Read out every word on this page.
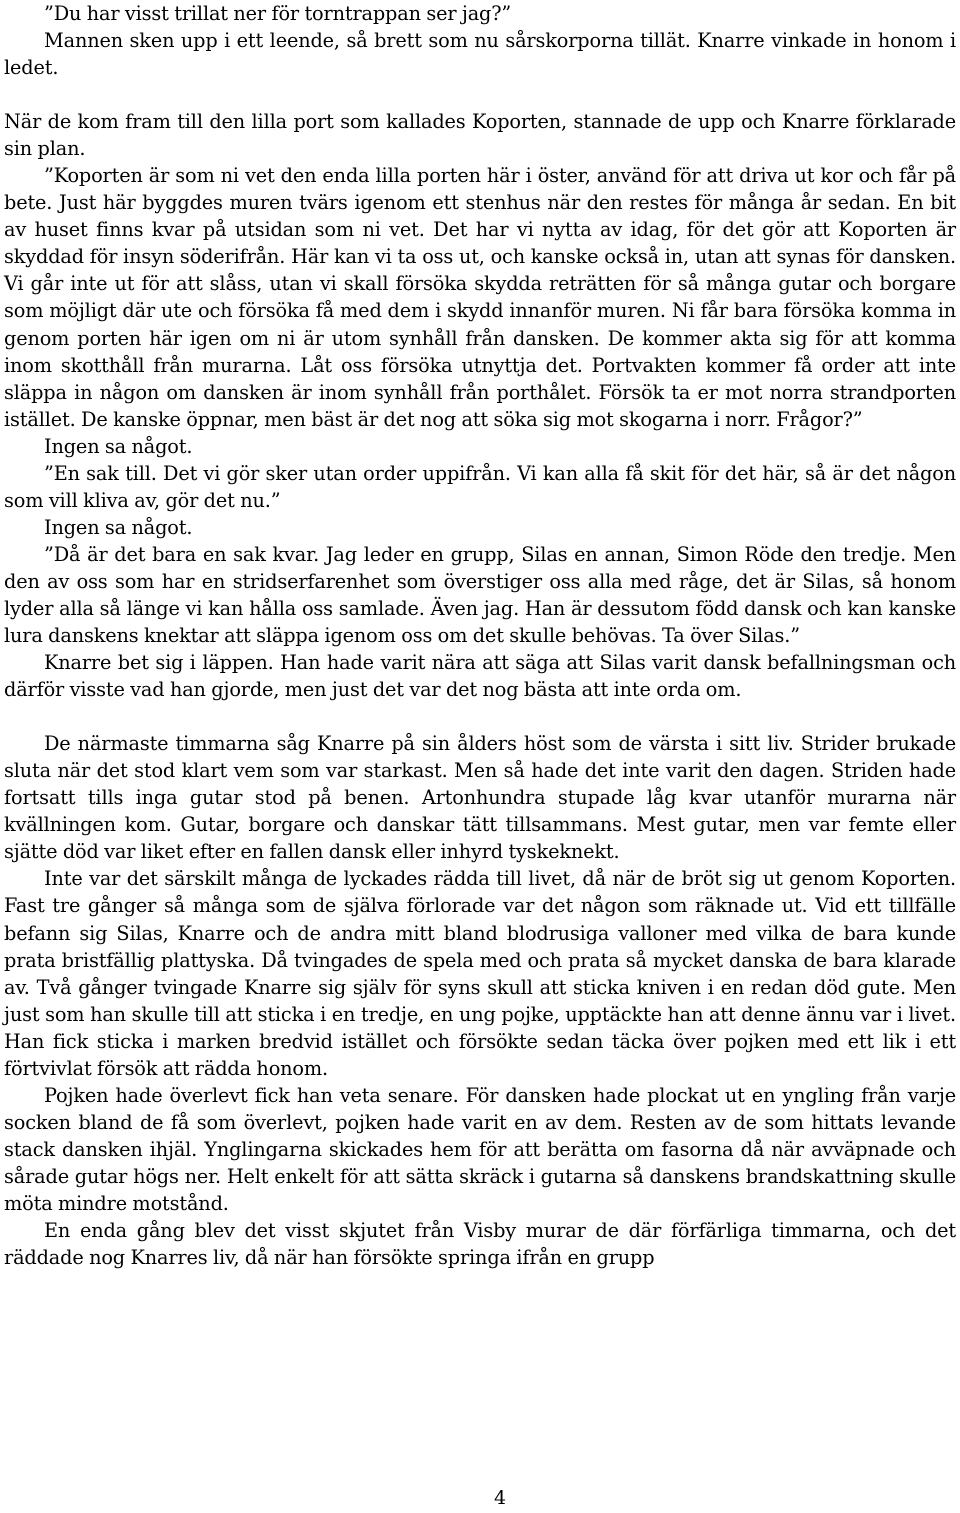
”Du har visst trillat ner för torntrappan ser jag?”

Mannen sken upp i ett leende, så brett som nu sårskorporna tillät. Knarre vinkade in honom i ledet.

När de kom fram till den lilla port som kallades Koporten, stannade de upp och Knarre förklarade sin plan.

”Koporten är som ni vet den enda lilla porten här i öster, använd för att driva ut kor och får på bete. Just här byggdes muren tvärs igenom ett stenhus när den restes för många år sedan. En bit av huset finns kvar på utsidan som ni vet. Det har vi nytta av idag, för det gör att Koporten är skyddad för insyn söderifrån. Här kan vi ta oss ut, och kanske också in, utan att synas för dansken. Vi går inte ut för att slåss, utan vi skall försöka skydda reträtten för så många gutar och borgare som möjligt där ute och försöka få med dem i skydd innanför muren. Ni får bara försöka komma in genom porten här igen om ni är utom synhåll från dansken. De kommer akta sig för att komma inom skotthåll från murarna. Låt oss försöka utnyttja det. Portvakten kommer få order att inte släppa in någon om dansken är inom synhåll från porthålet. Försök ta er mot norra strandporten istället. De kanske öppnar, men bäst är det nog att söka sig mot skogarna i norr. Frågor?”

Ingen sa något.

”En sak till. Det vi gör sker utan order uppifrån. Vi kan alla få skit för det här, så är det någon som vill kliva av, gör det nu.”

Ingen sa något.

”Då är det bara en sak kvar. Jag leder en grupp, Silas en annan, Simon Röde den tredje. Men den av oss som har en stridserfarenhet som överstiger oss alla med råge, det är Silas, så honom lyder alla så länge vi kan hålla oss samlade. Även jag. Han är dessutom född dansk och kan kanske lura danskens knektar att släppa igenom oss om det skulle behövas. Ta över Silas.”

Knarre bet sig i läppen. Han hade varit nära att säga att Silas varit dansk befallningsman och därför visste vad han gjorde, men just det var det nog bästa att inte orda om.

De närmaste timmarna såg Knarre på sin ålders höst som de värsta i sitt liv. Strider brukade sluta när det stod klart vem som var starkast. Men så hade det inte varit den dagen. Striden hade fortsatt tills inga gutar stod på benen. Artonhundra stupade låg kvar utanför murarna när kvällningen kom. Gutar, borgare och danskar tätt tillsammans. Mest gutar, men var femte eller sjätte död var liket efter en fallen dansk eller inhyrd tyskeknekt.

Inte var det särskilt många de lyckades rädda till livet, då när de bröt sig ut genom Koporten. Fast tre gånger så många som de själva förlorade var det någon som räknade ut. Vid ett tillfälle befann sig Silas, Knarre och de andra mitt bland blodrusiga valloner med vilka de bara kunde prata bristfällig plattyska. Då tvingades de spela med och prata så mycket danska de bara klarade av. Två gånger tvingade Knarre sig själv för syns skull att sticka kniven i en redan död gute. Men just som han skulle till att sticka i en tredje, en ung pojke, upptäckte han att denne ännu var i livet. Han fick sticka i marken bredvid istället och försökte sedan täcka över pojken med ett lik i ett förtvivlat försök att rädda honom.

Pojken hade överlevt fick han veta senare. För dansken hade plockat ut en yngling från varje socken bland de få som överlevt, pojken hade varit en av dem. Resten av de som hittats levande stack dansken ihjäl. Ynglingarna skickades hem för att berätta om fasorna då när avväpnade och sårade gutar högs ner. Helt enkelt för att sätta skräck i gutarna så danskens brandskattning skulle möta mindre motstånd.

En enda gång blev det visst skjutet från Visby murar de där förfärliga timmarna, och det räddade nog Knarres liv, då när han försökte springa ifrån en grupp

4
